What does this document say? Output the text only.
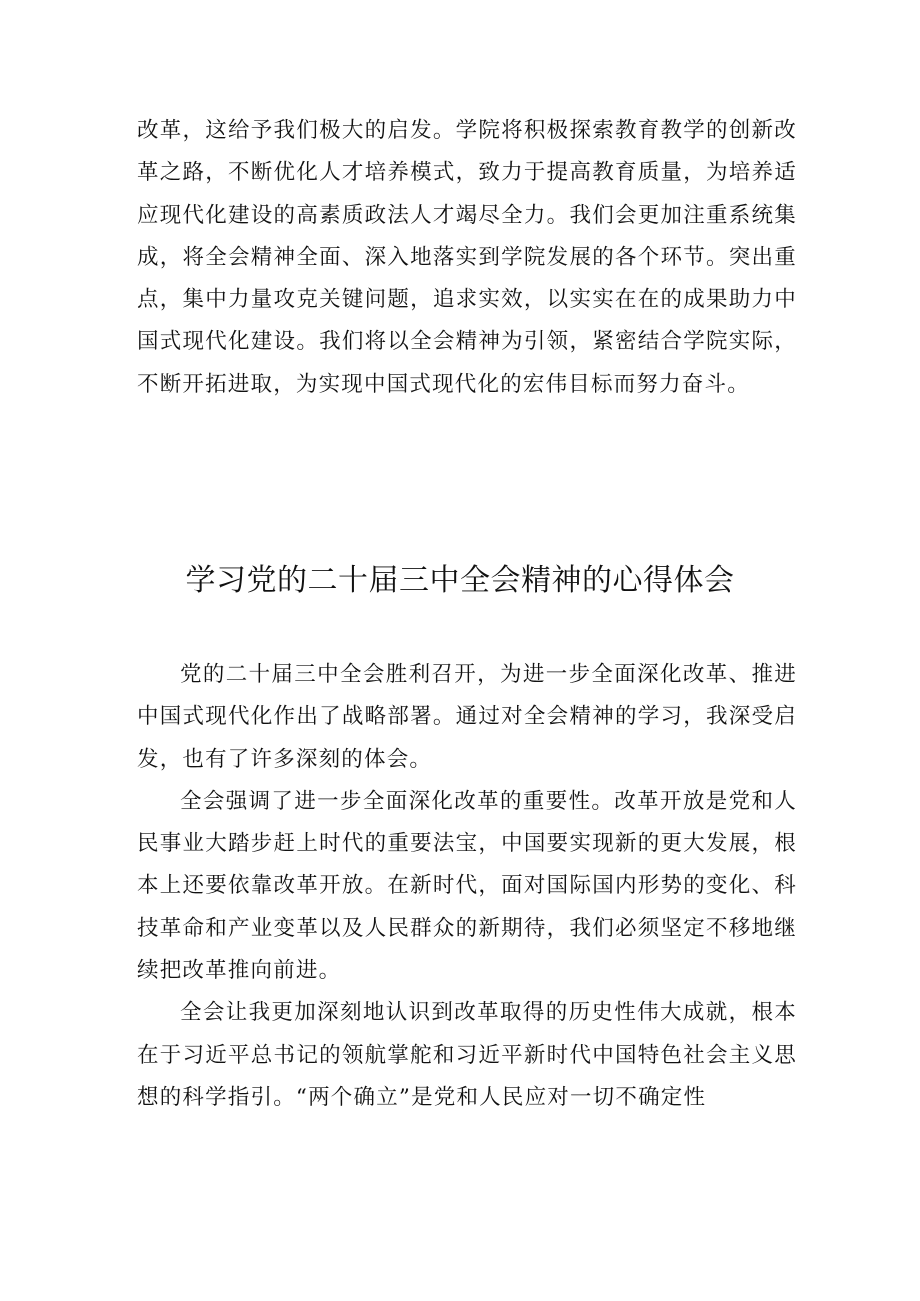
改革，这给予我们极大的启发。学院将积极探索教育教学的创新改革之路，不断优化人才培养模式，致力于提高教育质量，为培养适应现代化建设的高素质政法人才竭尽全力。我们会更加注重系统集成，将全会精神全面、深入地落实到学院发展的各个环节。突出重点，集中力量攻克关键问题，追求实效，以实实在在的成果助力中国式现代化建设。我们将以全会精神为引领，紧密结合学院实际，不断开拓进取，为实现中国式现代化的宏伟目标而努力奋斗。

学习党的二十届三中全会精神的心得体会

党的二十届三中全会胜利召开，为进一步全面深化改革、推进中国式现代化作出了战略部署。通过对全会精神的学习，我深受启发，也有了许多深刻的体会。

全会强调了进一步全面深化改革的重要性。改革开放是党和人民事业大踏步赶上时代的重要法宝，中国要实现新的更大发展，根本上还要依靠改革开放。在新时代，面对国际国内形势的变化、科技革命和产业变革以及人民群众的新期待，我们必须坚定不移地继续把改革推向前进。

全会让我更加深刻地认识到改革取得的历史性伟大成就，根本在于习近平总书记的领航掌舵和习近平新时代中国特色社会主义思想的科学指引。“两个确立”是党和人民应对一切不确定性
